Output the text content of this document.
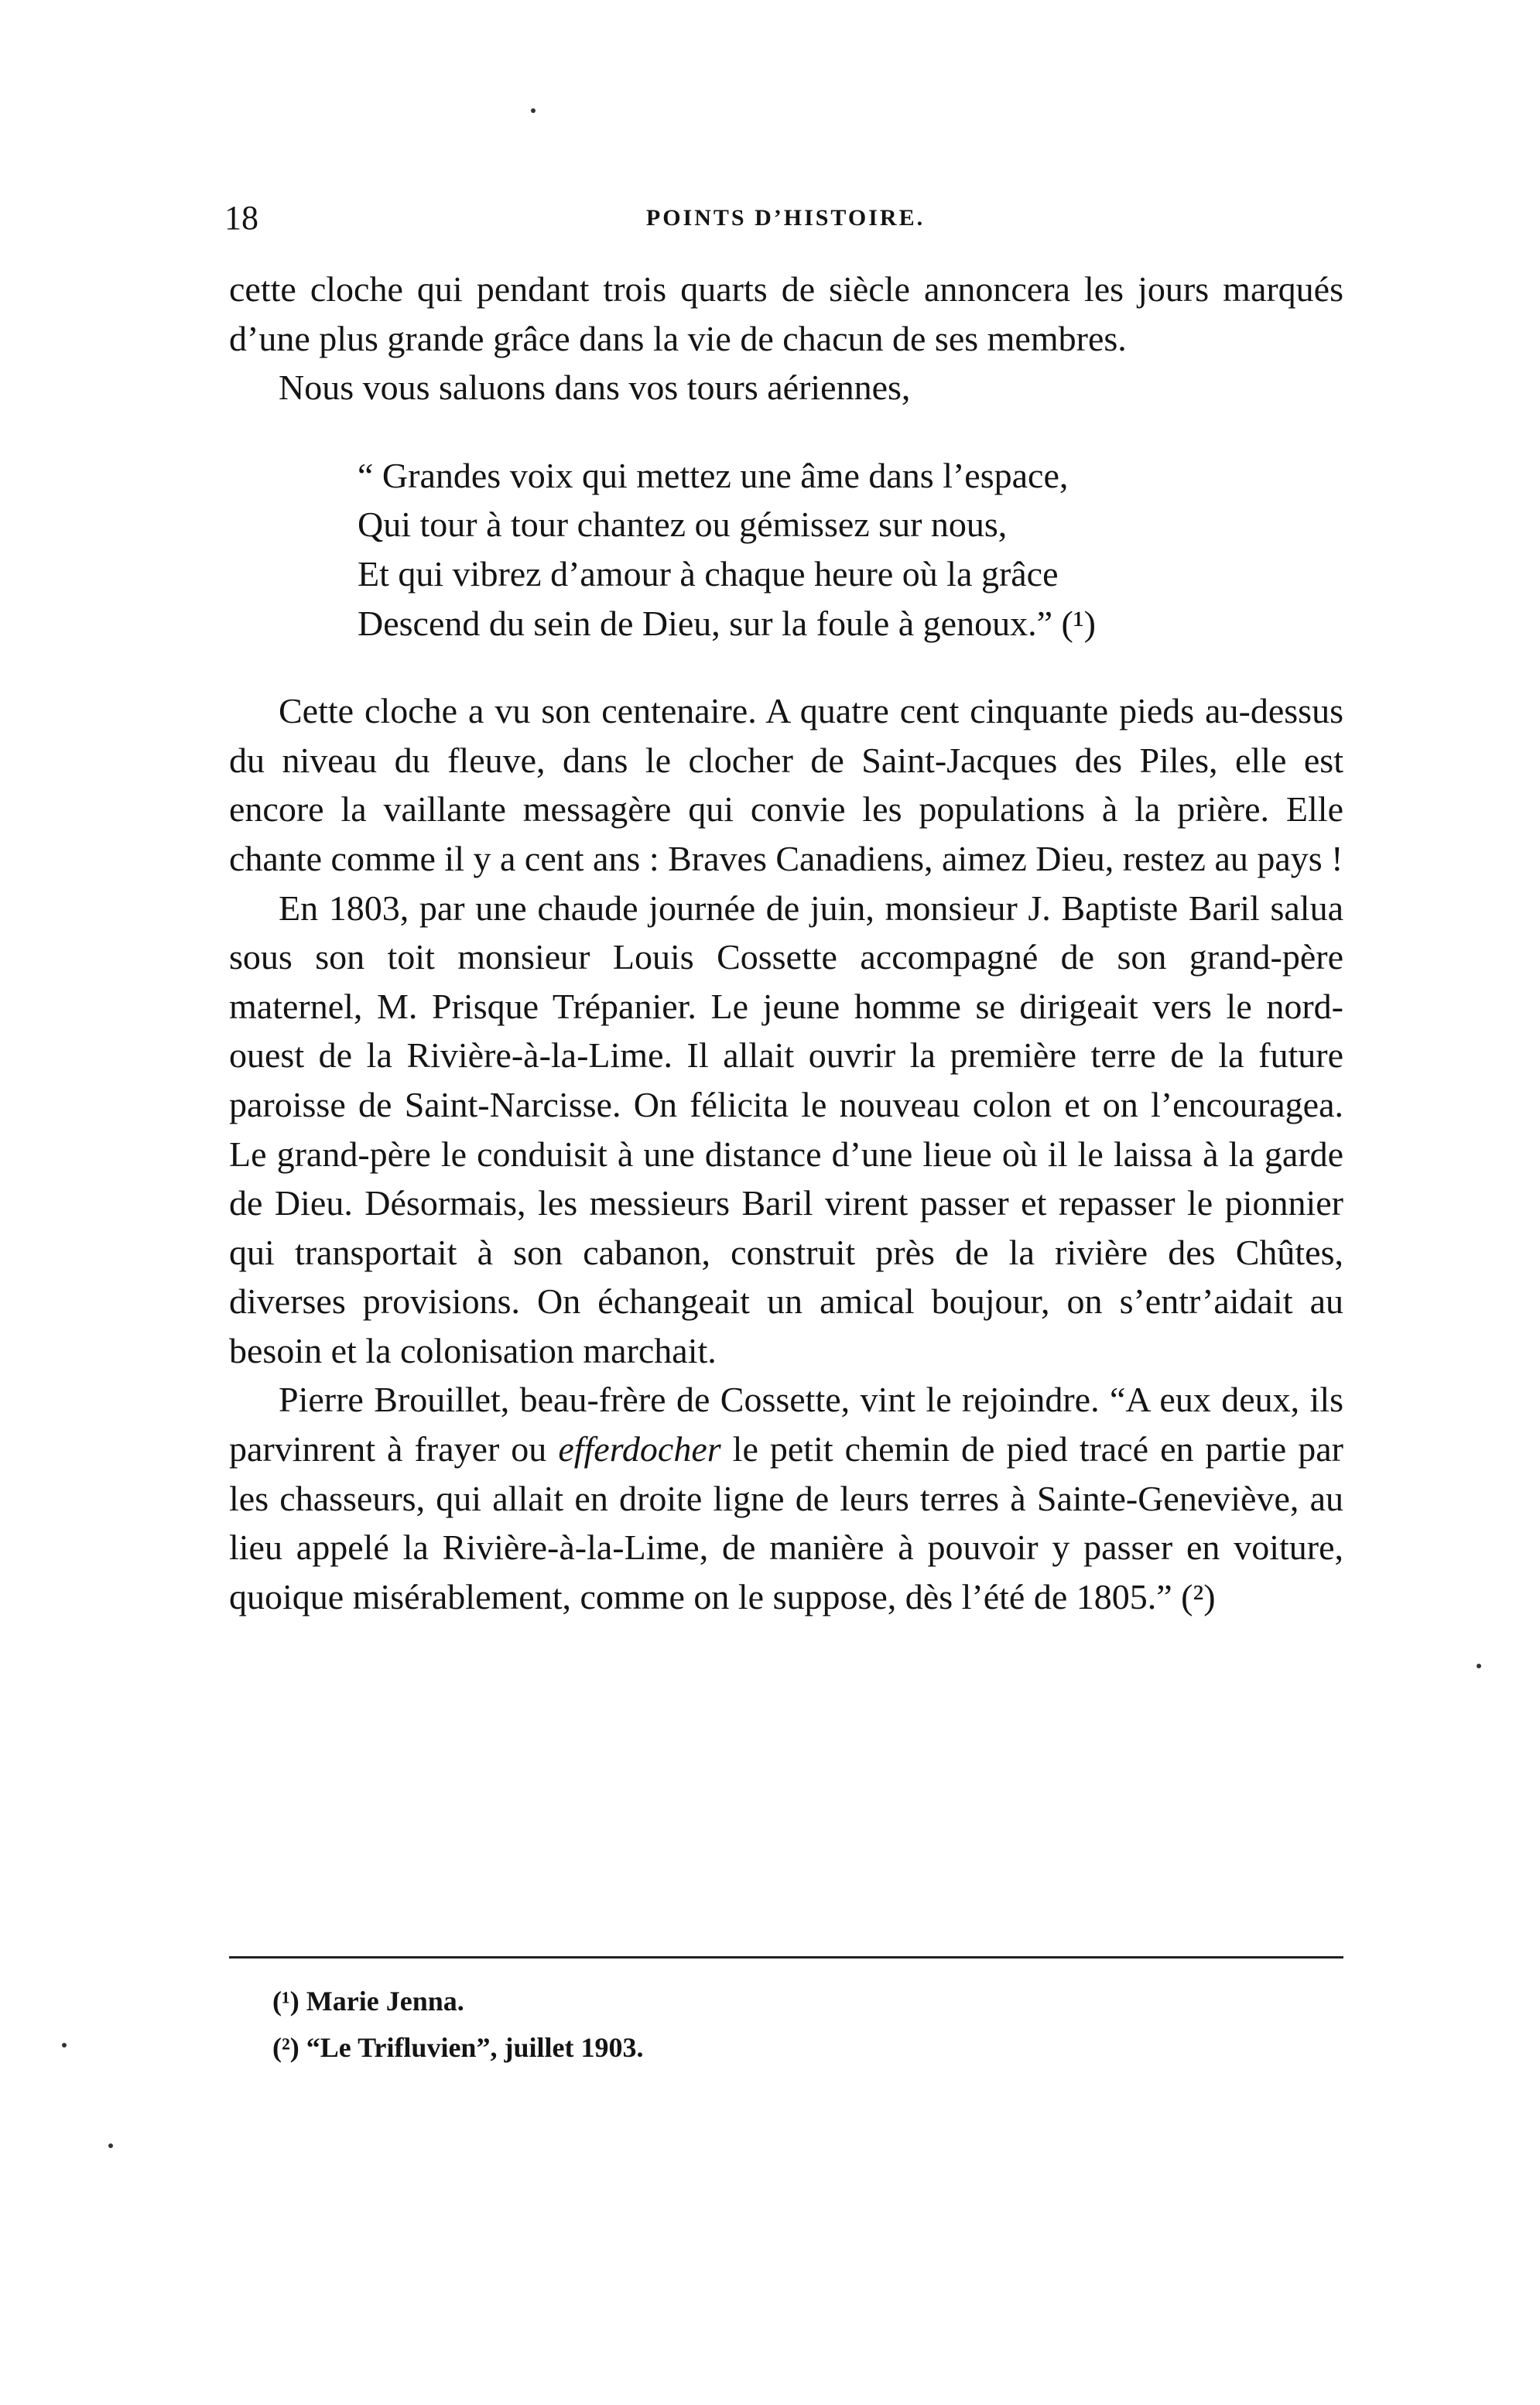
18	POINTS D’HISTOIRE.

cette cloche qui pendant trois quarts de siècle annoncera les jours marqués d’une plus grande grâce dans la vie de chacun de ses membres.

Nous vous saluons dans vos tours aériennes,

“ Grandes voix qui mettez une âme dans l’espace,
Qui tour à tour chantez ou gémissez sur nous,
Et qui vibrez d’amour à chaque heure où la grâce
Descend du sein de Dieu, sur la foule à genoux.” (¹)

Cette cloche a vu son centenaire. A quatre cent cinquante pieds au-dessus du niveau du fleuve, dans le clocher de Saint-Jacques des Piles, elle est encore la vaillante messagère qui convie les populations à la prière. Elle chante comme il y a cent ans : Braves Canadiens, aimez Dieu, restez au pays !

En 1803, par une chaude journée de juin, monsieur J. Baptiste Baril salua sous son toit monsieur Louis Cossette accompagné de son grand-père maternel, M. Prisque Trépanier. Le jeune homme se dirigeait vers le nord-ouest de la Rivière-à-la-Lime. Il allait ouvrir la première terre de la future paroisse de Saint-Narcisse. On félicita le nouveau colon et on l’encouragea. Le grand-père le conduisit à une distance d’une lieue où il le laissa à la garde de Dieu. Désormais, les messieurs Baril virent passer et repasser le pionnier qui transportait à son cabanon, construit près de la rivière des Chûtes, diverses provisions. On échangeait un amical boujour, on s’entr’aidait au besoin et la colonisation marchait.

Pierre Brouillet, beau-frère de Cossette, vint le rejoindre. “A eux deux, ils parvinrent à frayer ou efferdocher le petit chemin de pied tracé en partie par les chasseurs, qui allait en droite ligne de leurs terres à Sainte-Geneviève, au lieu appelé la Rivière-à-la-Lime, de manière à pouvoir y passer en voiture, quoique misérablement, comme on le suppose, dès l’été de 1805.” (²)

(¹) Marie Jenna.
(²) “Le Trifluvien”, juillet 1903.
